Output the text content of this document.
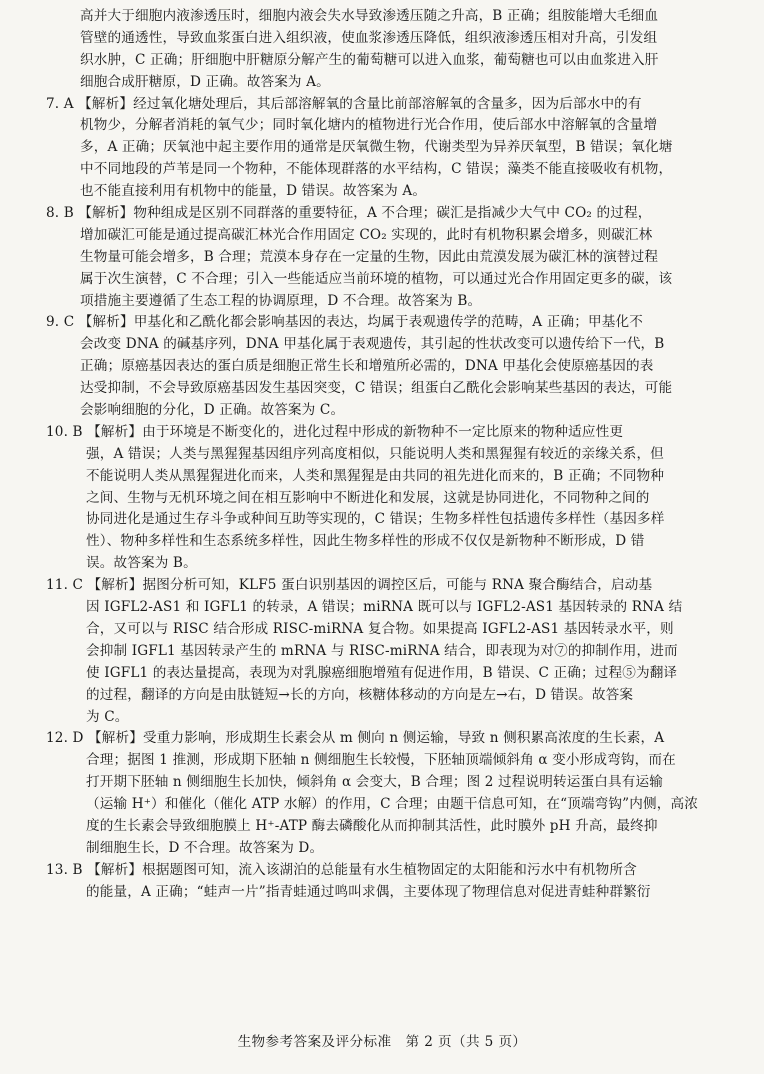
高并大于细胞内液渗透压时，细胞内液会失水导致渗透压随之升高，B 正确；组胺能增大毛细血
管壁的通透性，导致血浆蛋白进入组织液，使血浆渗透压降低，组织液渗透压相对升高，引发组
织水肿，C 正确；肝细胞中肝糖原分解产生的葡萄糖可以进入血浆，葡萄糖也可以由血浆进入肝
细胞合成肝糖原，D 正确。故答案为 A。
7. A 【解析】经过氧化塘处理后，其后部溶解氧的含量比前部溶解氧的含量多，因为后部水中的有
机物少，分解者消耗的氧气少；同时氧化塘内的植物进行光合作用，使后部水中溶解氧的含量增
多，A 正确；厌氧池中起主要作用的通常是厌氧微生物，代谢类型为异养厌氧型，B 错误；氧化塘
中不同地段的芦苇是同一个物种，不能体现群落的水平结构，C 错误；藻类不能直接吸收有机物，
也不能直接利用有机物中的能量，D 错误。故答案为 A。
8. B 【解析】物种组成是区别不同群落的重要特征，A 不合理；碳汇是指减少大气中 CO₂ 的过程，
增加碳汇可能是通过提高碳汇林光合作用固定 CO₂ 实现的，此时有机物积累会增多，则碳汇林
生物量可能会增多，B 合理；荒漠本身存在一定量的生物，因此由荒漠发展为碳汇林的演替过程
属于次生演替，C 不合理；引入一些能适应当前环境的植物，可以通过光合作用固定更多的碳，该
项措施主要遵循了生态工程的协调原理，D 不合理。故答案为 B。
9. C 【解析】甲基化和乙酰化都会影响基因的表达，均属于表观遗传学的范畴，A 正确；甲基化不
会改变 DNA 的碱基序列，DNA 甲基化属于表观遗传，其引起的性状改变可以遗传给下一代，B
正确；原癌基因表达的蛋白质是细胞正常生长和增殖所必需的，DNA 甲基化会使原癌基因的表
达受抑制，不会导致原癌基因发生基因突变，C 错误；组蛋白乙酰化会影响某些基因的表达，可能
会影响细胞的分化，D 正确。故答案为 C。
10. B 【解析】由于环境是不断变化的，进化过程中形成的新物种不一定比原来的物种适应性更
强，A 错误；人类与黑猩猩基因组序列高度相似，只能说明人类和黑猩猩有较近的亲缘关系，但
不能说明人类从黑猩猩进化而来，人类和黑猩猩是由共同的祖先进化而来的，B 正确；不同物种
之间、生物与无机环境之间在相互影响中不断进化和发展，这就是协同进化，不同物种之间的
协同进化是通过生存斗争或种间互助等实现的，C 错误；生物多样性包括遗传多样性（基因多样
性）、物种多样性和生态系统多样性，因此生物多样性的形成不仅仅是新物种不断形成，D 错
误。故答案为 B。
11. C 【解析】据图分析可知，KLF5 蛋白识别基因的调控区后，可能与 RNA 聚合酶结合，启动基
因 IGFL2-AS1 和 IGFL1 的转录，A 错误；miRNA 既可以与 IGFL2-AS1 基因转录的 RNA 结
合，又可以与 RISC 结合形成 RISC-miRNA 复合物。如果提高 IGFL2-AS1 基因转录水平，则
会抑制 IGFL1 基因转录产生的 mRNA 与 RISC-miRNA 结合，即表现为对⑦的抑制作用，进而
使 IGFL1 的表达量提高，表现为对乳腺癌细胞增殖有促进作用，B 错误、C 正确；过程⑤为翻译
的过程，翻译的方向是由肽链短→长的方向，核糖体移动的方向是左→右，D 错误。故答案
为 C。
12. D 【解析】受重力影响，形成期生长素会从 m 侧向 n 侧运输，导致 n 侧积累高浓度的生长素，A
合理；据图 1 推测，形成期下胚轴 n 侧细胞生长较慢，下胚轴顶端倾斜角 α 变小形成弯钩，而在
打开期下胚轴 n 侧细胞生长加快，倾斜角 α 会变大，B 合理；图 2 过程说明转运蛋白具有运输
（运输 H⁺）和催化（催化 ATP 水解）的作用，C 合理；由题干信息可知，在“顶端弯钩”内侧，高浓
度的生长素会导致细胞膜上 H⁺-ATP 酶去磷酸化从而抑制其活性，此时膜外 pH 升高，最终抑
制细胞生长，D 不合理。故答案为 D。
13. B 【解析】根据题图可知，流入该湖泊的总能量有水生植物固定的太阳能和污水中有机物所含
的能量，A 正确；“蛙声一片”指青蛙通过鸣叫求偶，主要体现了物理信息对促进青蛙种群繁衍
生物参考答案及评分标准　第 2 页（共 5 页）
